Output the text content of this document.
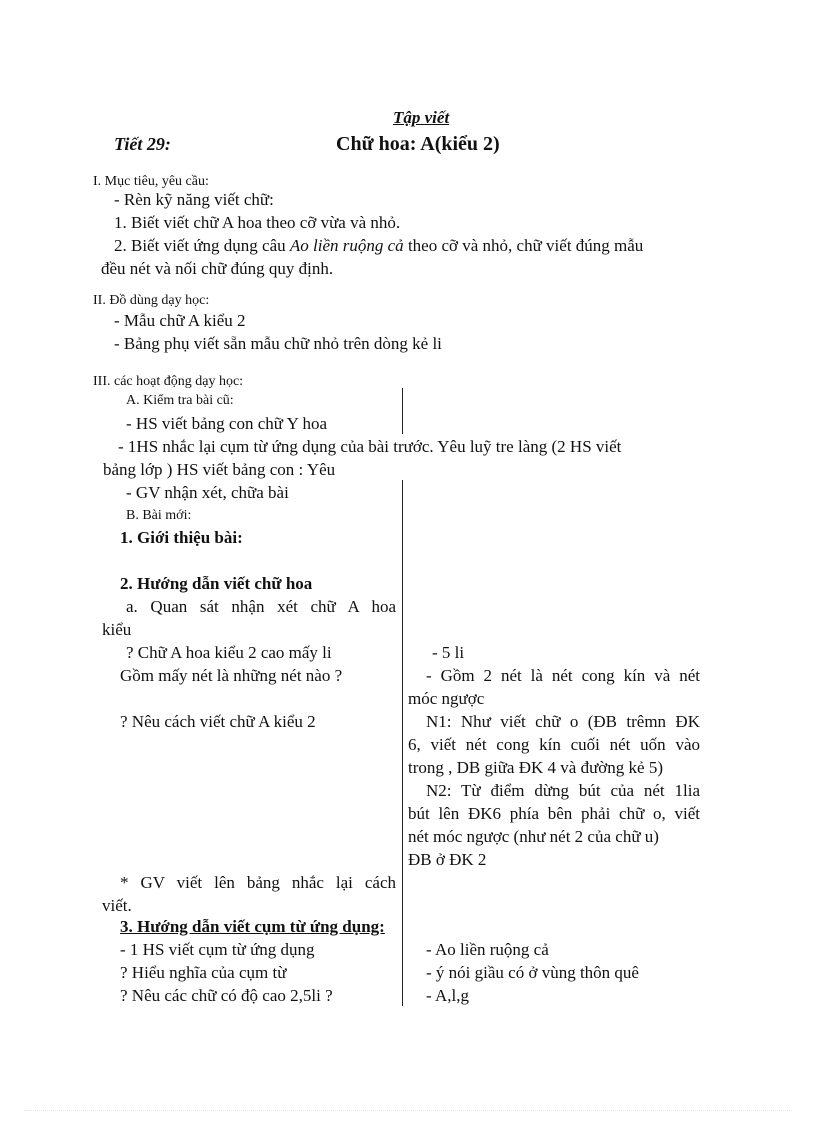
Tập viết
Tiết 29:	Chữ hoa: A(kiểu 2)
I. Mục tiêu, yêu cầu:
- Rèn kỹ năng viết chữ:
1. Biết viết chữ A hoa theo cỡ vừa và nhỏ.
2. Biết viết ứng dụng câu Ao liền ruộng cả theo cỡ và nhỏ, chữ viết đúng mẫu
đều nét và nối chữ đúng quy định.
II. Đồ dùng dạy học:
- Mẫu chữ A kiểu 2
- Bảng phụ viết sẵn mẫu chữ nhỏ trên dòng kẻ li
III. các hoạt động dạy học:
A. Kiểm tra bài cũ:
- HS viết bảng con chữ Y hoa
- 1HS nhắc lại cụm từ ứng dụng của bài trước. Yêu luỹ tre làng (2 HS viết
bảng lớp ) HS viết bảng con : Yêu
- GV nhận xét, chữa bài
B. Bài mới:
1. Giới thiệu bài:
2. Hướng dẫn viết chữ hoa
a. Quan sát nhận xét chữ A hoa
kiểu
? Chữ A hoa kiểu 2 cao mấy li	- 5 li
Gồm mấy nét là những nét nào ?	- Gồm 2 nét là nét cong kín và nét
móc ngược
? Nêu cách viết chữ A kiểu 2	N1: Như viết chữ o (ĐB trêmn ĐK
6, viết nét cong kín cuối nét uốn vào
trong , DB giữa ĐK 4 và đường kẻ 5)
N2: Từ điểm dừng bút của nét 1lia
bút lên ĐK6 phía bên phải chữ o, viết
nét móc ngược (như nét 2 của chữ u)
ĐB ở ĐK 2
* GV viết lên bảng nhắc lại cách
viết.
3. Hướng dẫn viết cụm từ ứng dụng:
- 1 HS viết cụm từ ứng dụng	- Ao liền ruộng cả
? Hiểu nghĩa của cụm từ	- ý nói giầu có ở vùng thôn quê
? Nêu các chữ có độ cao 2,5li ?	- A,l,g
